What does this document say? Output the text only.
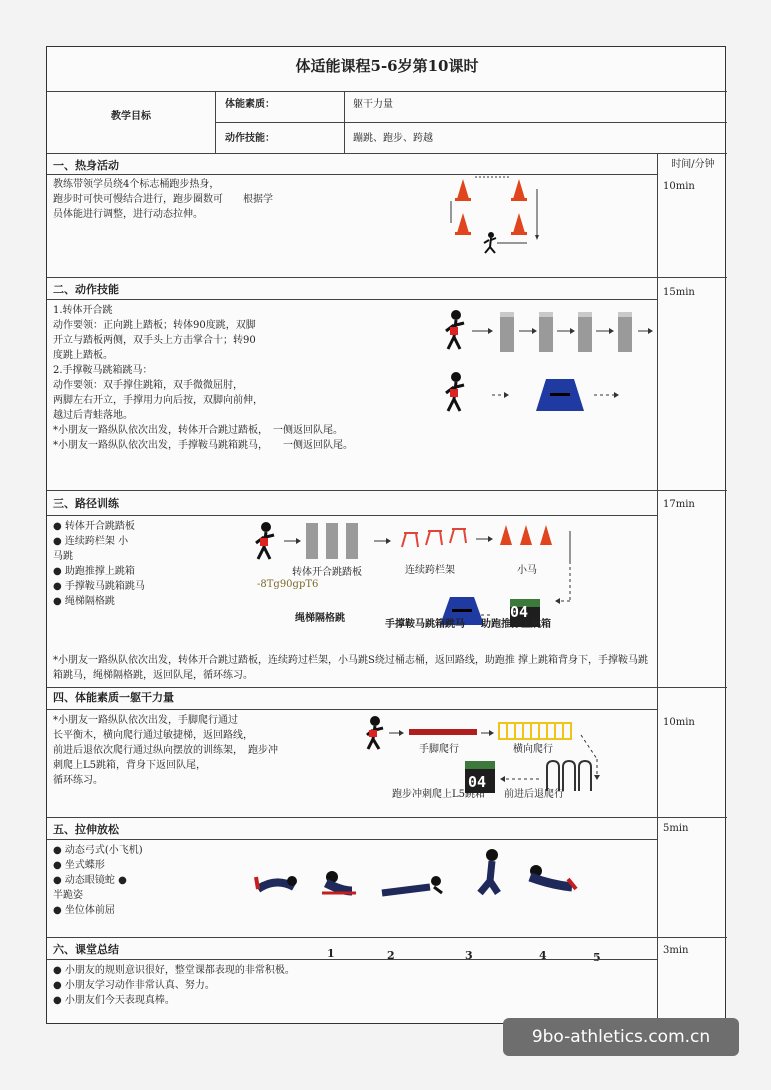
体适能课程5-6岁第10课时
教学目标
体能素质：	躯干力量
动作技能：	蹦跳、跑步、跨越
时间/分钟
一、热身活动
10min
教练带领学员绕4个标志桶跑步热身，
跑步时可快可慢结合进行，跑步圈数可　　根据学
员体能进行调整，进行动态拉伸。
二、动作技能	15min
1.转体开合跳
动作要领：正向跳上踏板；转体90度跳，双脚
开立与踏板两侧，双手头上方击掌合十；转90
度跳上踏板。
2.手撑鞍马跳箱跳马：
动作要领：双手撑住跳箱，双手微微屈肘，
两脚左右开立，手撑用力向后按，双脚向前伸，
越过后青蛙落地。
*小朋友一路纵队依次出发，转体开合跳过踏板，　一侧返回队尾。
*小朋友一路纵队依次出发，手撑鞍马跳箱跳马，　　一侧返回队尾。
三、路径训练	17min
● 转体开合跳踏板
● 连续跨栏架 小
马跳
● 助跑推撑上跳箱
● 手撑鞍马跳箱跳马
● 绳梯隔格跳
转体开合跳踏板	连续跨栏架	小马
-8Tg90gpT6
04
绳梯隔格跳
手撑鞍马跳箱跳马 助跑推撑上跳箱
*小朋友一路纵队依次出发，转体开合跳过踏板，连续跨过栏架，小马跳S绕过桶志桶，返回路线，助跑推 撑上跳箱背身下，手撑鞍马跳箱跳马，绳梯隔格跳，返回队尾，循环练习。
四、体能素质一躯干力量
10min
*小朋友一路纵队依次出发，手脚爬行通过
长平衡木，横向爬行通过敏捷梯，返回路线，
前进后退依次爬行通过纵向摆放的训练架，　跑步冲
刺爬上L5跳箱，背身下返回队尾，
循环练习。
手脚爬行	横向爬行
04
跑步冲刺爬上L5跳箱 前进后退爬行
五、拉伸放松	5min
● 动态弓式(小飞机)
● 坐式蝶形
● 动态眼镜蛇 ●
半跪姿
● 坐位体前屈
1	2	3	4	5
六、课堂总结	3min
● 小朋友的规则意识很好，整堂课都表现的非常积极。
● 小朋友学习动作非常认真、努力。
● 小朋友们今天表现真棒。
9bo-athletics.com.cn
